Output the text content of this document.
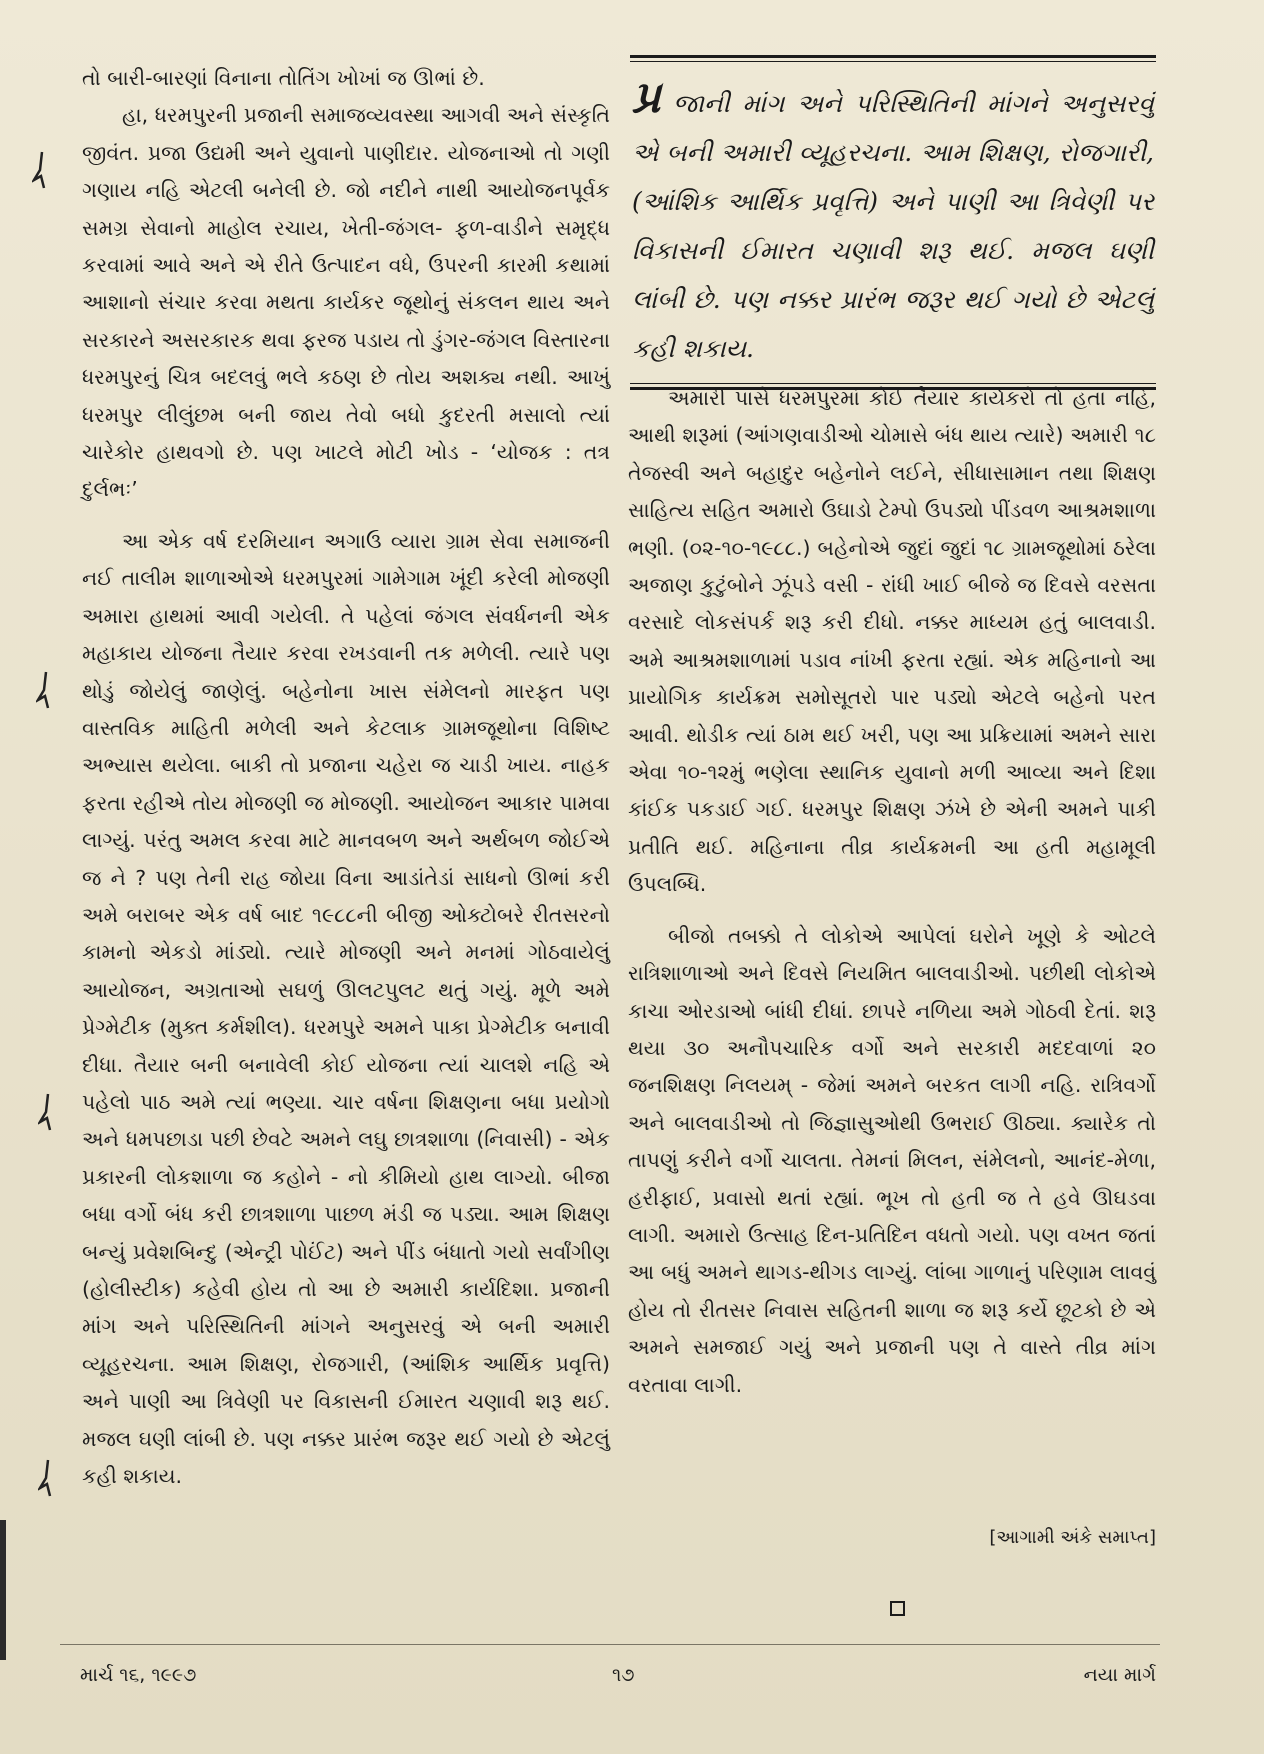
તો બારી-બારણાં વિનાના તોતિંગ ખોખાં જ ઊભાં છે.

હા, ધરમપુરની પ્રજાની સમાજવ્યવસ્થા આગવી અને સંસ્કૃતિ જીવંત. પ્રજા ઉદ્યમી અને યુવાનો પાણીદાર. યોજનાઓ તો ગણી ગણાય નહિ એટલી બનેલી છે. જો નદીને નાથી આયોજનપૂર્વક સમગ્ર સેવાનો માહોલ રચાય, ખેતી-જંગલ- ફળ-વાડીને સમૃદ્ધ કરવામાં આવે અને એ રીતે ઉત્પાદન વધે, ઉપરની કારમી કથામાં આશાનો સંચાર કરવા મથતા કાર્યકર જૂથોનું સંકલન થાય અને સરકારને અસરકારક થવા ફરજ પડાય તો ડુંગર-જંગલ વિસ્તારના ધરમપુરનું ચિત્ર બદલવું ભલે કઠણ છે તોય અશક્ય નથી. આખું ધરમપુર લીલુંછમ બની જાય તેવો બધો કુદરતી મસાલો ત્યાં ચારેકોર હાથવગો છે. પણ ખાટલે મોટી ખોડ - ‘યોજક : તત્ર દુર્લભઃ’

આ એક વર્ષ દરમિયાન અગાઉ વ્યારા ગ્રામ સેવા સમાજની નઈ તાલીમ શાળાઓએ ધરમપુરમાં ગામેગામ ખૂંદી કરેલી મોજણી અમારા હાથમાં આવી ગયેલી. તે પહેલાં જંગલ સંવર્ધનની એક મહાકાય યોજના તૈયાર કરવા રખડવાની તક મળેલી. ત્યારે પણ થોડું જોયેલું જાણેલું. બહેનોના ખાસ સંમેલનો મારફત પણ વાસ્તવિક માહિતી મળેલી અને કેટલાક ગ્રામજૂથોના વિશિષ્ટ અભ્યાસ થયેલા. બાકી તો પ્રજાના ચહેરા જ ચાડી ખાય. નાહક ફરતા રહીએ તોય મોજણી જ મોજણી. આયોજન આકાર પામવા લાગ્યું. પરંતુ અમલ કરવા માટે માનવબળ અને અર્થબળ જોઈએ જ ને ? પણ તેની રાહ જોયા વિના આડાંતેડાં સાધનો ઊભાં કરી અમે બરાબર એક વર્ષ બાદ ૧૯૮૮ની બીજી ઓક્ટોબરે રીતસરનો કામનો એકડો માંડ્યો. ત્યારે મોજણી અને મનમાં ગોઠવાયેલું આયોજન, અગ્રતાઓ સઘળું ઊલટપુલટ થતું ગયું. મૂળે અમે પ્રેગ્મેટીક (મુક્ત કર્મશીલ). ધરમપુરે અમને પાકા પ્રેગ્મેટીક બનાવી દીધા. તૈયાર બની બનાવેલી કોઈ યોજના ત્યાં ચાલશે નહિ એ પહેલો પાઠ અમે ત્યાં ભણ્યા. ચાર વર્ષના શિક્ષણના બધા પ્રયોગો અને ધમપછાડા પછી છેવટે અમને લઘુ છાત્રશાળા (નિવાસી) - એક પ્રકારની લોકશાળા જ કહોને - નો કીમિયો હાથ લાગ્યો. બીજા બધા વર્ગો બંધ કરી છાત્રશાળા પાછળ મંડી જ પડ્યા. આમ શિક્ષણ બન્યું પ્રવેશબિન્દુ (એન્ટ્રી પોઈંટ) અને પીંડ બંધાતો ગયો સર્વાંગીણ (હોલીસ્ટીક) કહેવી હોય તો આ છે અમારી કાર્યદિશા. પ્રજાની માંગ અને પરિસ્થિતિની માંગને અનુસરવું એ બની અમારી વ્યૂહરચના. આમ શિક્ષણ, રોજગારી, (આંશિક આર્થિક પ્રવૃત્તિ) અને પાણી આ ત્રિવેણી પર વિકાસની ઈમારત ચણાવી શરૂ થઈ. મજલ ઘણી લાંબી છે. પણ નક્કર પ્રારંભ જરૂર થઈ ગયો છે એટલું કહી શકાય.

પ્ર જાની માંગ અને પરિસ્થિતિની માંગને અનુસરવું એ બની અમારી વ્યૂહરચના. આમ શિક્ષણ, રોજગારી, (આંશિક આર્થિક પ્રવૃત્તિ) અને પાણી આ ત્રિવેણી પર વિકાસની ઈમારત ચણાવી શરૂ થઈ. મજલ ઘણી લાંબી છે. પણ નક્કર પ્રારંભ જરૂર થઈ ગયો છે એટલું કહી શકાય.

અમારી પાસે ધરમપુરમાં કોઈ તૈયાર કાર્યકરો તો હતા નહિ, આથી શરૂમાં (આંગણવાડીઓ ચોમાસે બંધ થાય ત્યારે) અમારી ૧૮ તેજસ્વી અને બહાદુર બહેનોને લઈને, સીધાસામાન તથા શિક્ષણ સાહિત્ય સહિત અમારો ઉઘાડો ટેમ્પો ઉપડ્યો પીંડવળ આશ્રમશાળા ભણી. (૦૨-૧૦-૧૯૮૮.) બહેનોએ જુદાં જુદાં ૧૮ ગ્રામજૂથોમાં ઠરેલા અજાણ કુટુંબોને ઝૂંપડે વસી - રાંધી ખાઈ બીજે જ દિવસે વરસતા વરસાદે લોકસંપર્ક શરૂ કરી દીધો. નક્કર માધ્યમ હતું બાલવાડી. અમે આશ્રમશાળામાં પડાવ નાંખી ફરતા રહ્યાં. એક મહિનાનો આ પ્રાયોગિક કાર્યક્રમ સમોસૂતરો પાર પડ્યો એટલે બહેનો પરત આવી. થોડીક ત્યાં ઠામ થઈ ખરી, પણ આ પ્રક્રિયામાં અમને સારા એવા ૧૦-૧૨મું ભણેલા સ્થાનિક યુવાનો મળી આવ્યા અને દિશા કાંઈક પકડાઈ ગઈ. ધરમપુર શિક્ષણ ઝંખે છે એની અમને પાકી પ્રતીતિ થઈ. મહિનાના તીવ્ર કાર્યક્રમની આ હતી મહામૂલી ઉપલબ્ધિ.

બીજો તબક્કો તે લોકોએ આપેલાં ઘરોને ખૂણે કે ઓટલે રાત્રિશાળાઓ અને દિવસે નિયમિત બાલવાડીઓ. પછીથી લોકોએ કાચા ઓરડાઓ બાંધી દીધાં. છાપરે નળિયા અમે ગોઠવી દેતાં. શરૂ થયા ૩૦ અનૌપચારિક વર્ગો અને સરકારી મદદવાળાં ૨૦ જનશિક્ષણ નિલયમ્ - જેમાં અમને બરકત લાગી નહિ. રાત્રિવર્ગો અને બાલવાડીઓ તો જિજ્ઞાસુઓથી ઉભરાઈ ઊઠ્યા. ક્યારેક તો તાપણું કરીને વર્ગો ચાલતા. તેમનાં મિલન, સંમેલનો, આનંદ-મેળા, હરીફાઈ, પ્રવાસો થતાં રહ્યાં. ભૂખ તો હતી જ તે હવે ઊઘડવા લાગી. અમારો ઉત્સાહ દિન-પ્રતિદિન વધતો ગયો. પણ વખત જતાં આ બધું અમને થાગડ-થીગડ લાગ્યું. લાંબા ગાળાનું પરિણામ લાવવું હોય તો રીતસર નિવાસ સહિતની શાળા જ શરૂ કર્યે છૂટકો છે એ અમને સમજાઈ ગયું અને પ્રજાની પણ તે વાસ્તે તીવ્ર માંગ વરતાવા લાગી.

[આગામી અંકે સમાપ્ત]
માર્ચ ૧૬, ૧૯૯૭	૧૭	નયા માર્ગ
